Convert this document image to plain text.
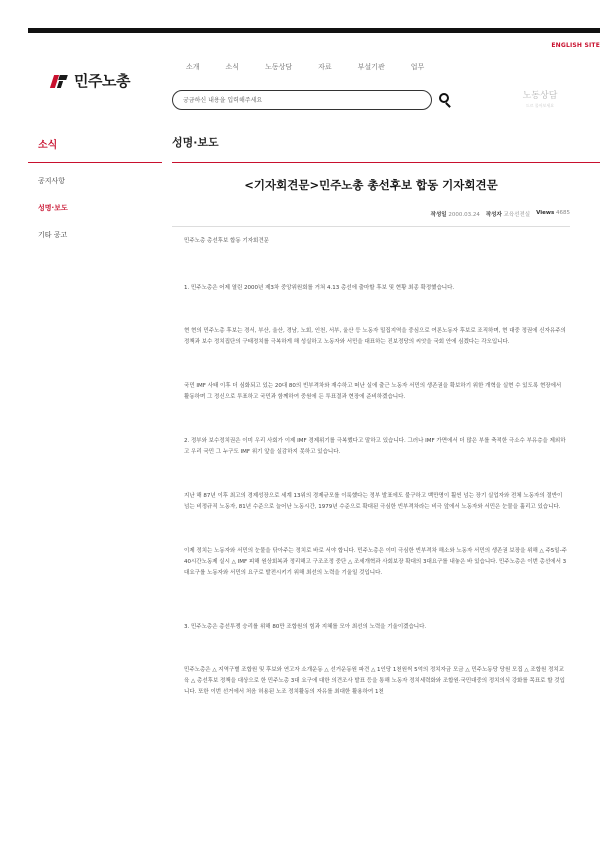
ENGLISH SITE
민주노총
소개	소식	노동상담	자료	부설기관	업무
궁금하신 내용을 입력해주세요
노동상담
드르 물어보세요
소식
공지사항
성명·보도
기타 공고
성명·보도
<기자회견문>민주노총 총선후보 합동 기자회견문
작성일 2000.03.24 작성자 교육선전실 Views 4685

민주노총 총선후보 합동 기자회견문

1. 민주노총은 어제 열린 2000년 제3차 중앙위원회를 거쳐 4.13 총선에 출마할 후보 및 현황 최종 확정했습니다.

현 현의 민주노총 후보는 경서, 부산, 울산, 경남, 노회, 인천, 서부, 울산 등 노동자 밀집지역을 중심으로 여론노동자 후보로 조직하며, 현 대중 정권에 신자유주의 정책과 보수 정치집단의 구태정치를 극복하게 해 성실하고 노동자와 서민을 대표하는 진보정당의 씨앗을 국회 안에 심겠다는 각오입니다.

국민 IMF 사태 이후 더 심화되고 있는 20대 80의 빈부격차와 재수하고 떠난 실에 출근 노동자 서민의 생존권을 확보하기 위한 개혁을 실현 수 있도록 현장에서 활동하며 그 정신으로 투표하고 국민과 함께하여 중원에 든 투표결과 현장에 준비하겠습니다.

2. 정부와 보수정치권은 이미 우리 사회가 이제 IMF 경제위기를 극복했다고 말하고 있습니다. 그러나 IMF 가면에서 더 많은 부를 축적한 극소수 부유층을 제외하고 우리 국민 그 누구도 IMF 위기 앞을 실감하지 못하고 있습니다.

지난 해 87년 이후 최고의 경제성장으로 세계 13위의 경제규모를 이룩했다는 정부 발표에도 불구하고 백만명이 훨씬 넘는 장기 실업자와 전체 노동자의 절반이 넘는 비정규직 노동자, 81년 수준으로 늘어난 노동시간, 1979년 수준으로 확대된 극심한 빈부격차라는 비극 앞에서 노동자와 서민은 눈물을 흘리고 있습니다.

이제 정치는 노동자와 서민의 눈물을 닦아주는 정치로 바로 서야 합니다. 민주노총은 이미 극심한 빈부격차 해소와 노동자 서민의 생존권 보장을 위해 △ 주5일-주40시간노동제 실시 △ IMF 피해 원상회복과 정리해고 구조조정 중단 △ 조세개혁과 사회보장 확대의 3대요구를 내놓은 바 있습니다. 민주노총은 이번 총선에서 3대요구를 노동자와 서민의 요구로 발전시키기 위해 최선의 노력을 기울일 것입니다.

3. 민주노총은 총선투쟁 승리를 위해 80만 조합원의 힘과 지혜를 모아 최선의 노력을 기울이겠습니다.

민주노총은 △ 지역구별 조합원 및 후보와 연고자 소개운동 △ 선거운동원 파견 △ 1인당 1천원씩 5억의 정치자금 모금 △ 민주노동당 당원 모집 △ 조합원 정치교육 △ 총선후보 정책을 대상으로 한 민주노총 3대 요구에 대한 의견조사 발표 등을 통해 노동자 정치세력화와 조합원·국민대중의 정치의식 강화를 목표로 할 것입니다. 또한 이번 선거에서 처음 허용된 노조 정치활동의 자유를 최대한 활용하여 1천
